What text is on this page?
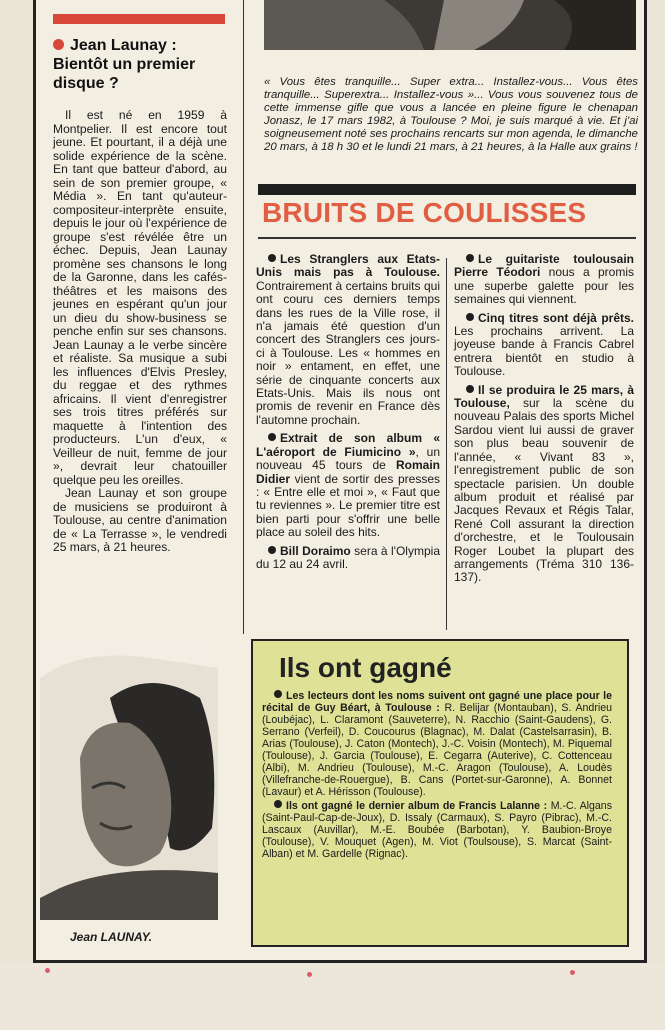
Jean Launay : Bientôt un premier disque ?

Il est né en 1959 à Montpelier. Il est encore tout jeune. Et pourtant, il a déjà une solide expérience de la scène. En tant que batteur d'abord, au sein de son premier groupe, « Média ». En tant qu'auteur-compositeur-interprète ensuite, depuis le jour où l'expérience de groupe s'est révélée être un échec. Depuis, Jean Launay promène ses chansons le long de la Garonne, dans les cafés-théâtres et les maisons des jeunes en espérant qu'un jour un dieu du show-business se penche enfin sur ses chansons. Jean Launay a le verbe sincère et réaliste. Sa musique a subi les influences d'Elvis Presley, du reggae et des rythmes africains. Il vient d'enregistrer ses trois titres préférés sur maquette à l'intention des producteurs. L'un d'eux, « Veilleur de nuit, femme de jour », devrait leur chatouiller quelque peu les oreilles.

Jean Launay et son groupe de musiciens se produiront à Toulouse, au centre d'animation de « La Terrasse », le vendredi 25 mars, à 21 heures.

Jean LAUNAY.
« Vous êtes tranquille... Super extra... Installez-vous... Vous êtes tranquille... Superextra... Installez-vous »... Vous vous souvenez tous de cette immense gifle que vous a lancée en pleine figure le chenapan Jonasz, le 17 mars 1982, à Toulouse ? Moi, je suis marqué à vie. Et j'ai soigneusement noté ses prochains rencarts sur mon agenda, le dimanche 20 mars, à 18 h 30 et le lundi 21 mars, à 21 heures, à la Halle aux grains !
BRUITS DE COULISSES

Les Stranglers aux Etats-Unis mais pas à Toulouse. Contrairement à certains bruits qui ont couru ces derniers temps dans les rues de la Ville rose, il n'a jamais été question d'un concert des Stranglers ces jours-ci à Toulouse. Les « hommes en noir » entament, en effet, une série de cinquante concerts aux Etats-Unis. Mais ils nous ont promis de revenir en France dès l'automne prochain.

Extrait de son album « L'aéroport de Fiumicino », un nouveau 45 tours de Romain Didier vient de sortir des presses : « Entre elle et moi », « Faut que tu reviennes ». Le premier titre est bien parti pour s'offrir une belle place au soleil des hits.

Bill Doraimo sera à l'Olympia du 12 au 24 avril.

Le guitariste toulousain Pierre Téodori nous a promis une superbe galette pour les semaines qui viennent.

Cinq titres sont déjà prêts. Les prochains arrivent. La joyeuse bande à Francis Cabrel entrera bientôt en studio à Toulouse.

Il se produira le 25 mars, à Toulouse, sur la scène du nouveau Palais des sports Michel Sardou vient lui aussi de graver son plus beau souvenir de l'année, « Vivant 83 », l'enregistrement public de son spectacle parisien. Un double album produit et réalisé par Jacques Revaux et Régis Talar, René Coll assurant la direction d'orchestre, et le Toulousain Roger Loubet la plupart des arrangements (Tréma 310 136-137).

Ils ont gagné

Les lecteurs dont les noms suivent ont gagné une place pour le récital de Guy Béart, à Toulouse : R. Belijar (Montauban), S. Andrieu (Loubéjac), L. Claramont (Sauveterre), N. Racchio (Saint-Gaudens), G. Serrano (Verfeil), D. Coucourus (Blagnac), M. Dalat (Castelsarrasin), B. Arias (Toulouse), J. Caton (Montech), J.-C. Voisin (Montech), M. Piquemal (Toulouse), J. Garcia (Toulouse), E. Cegarra (Auterive), C. Cottenceau (Albi), M. Andrieu (Toulouse), M.-C. Aragon (Toulouse), A. Loudès (Villefranche-de-Rouergue), B. Cans (Portet-sur-Garonne), A. Bonnet (Lavaur) et A. Hérisson (Toulouse).

Ils ont gagné le dernier album de Francis Lalanne : M.-C. Algans (Saint-Paul-Cap-de-Joux), D. Issaly (Carmaux), S. Payro (Pibrac), M.-C. Lascaux (Auvillar), M.-E. Boubée (Barbotan), Y. Baubion-Broye (Toulouse), V. Mouquet (Agen), M. Viot (Toulsouse), S. Marcat (Saint-Alban) et M. Gardelle (Rignac).
